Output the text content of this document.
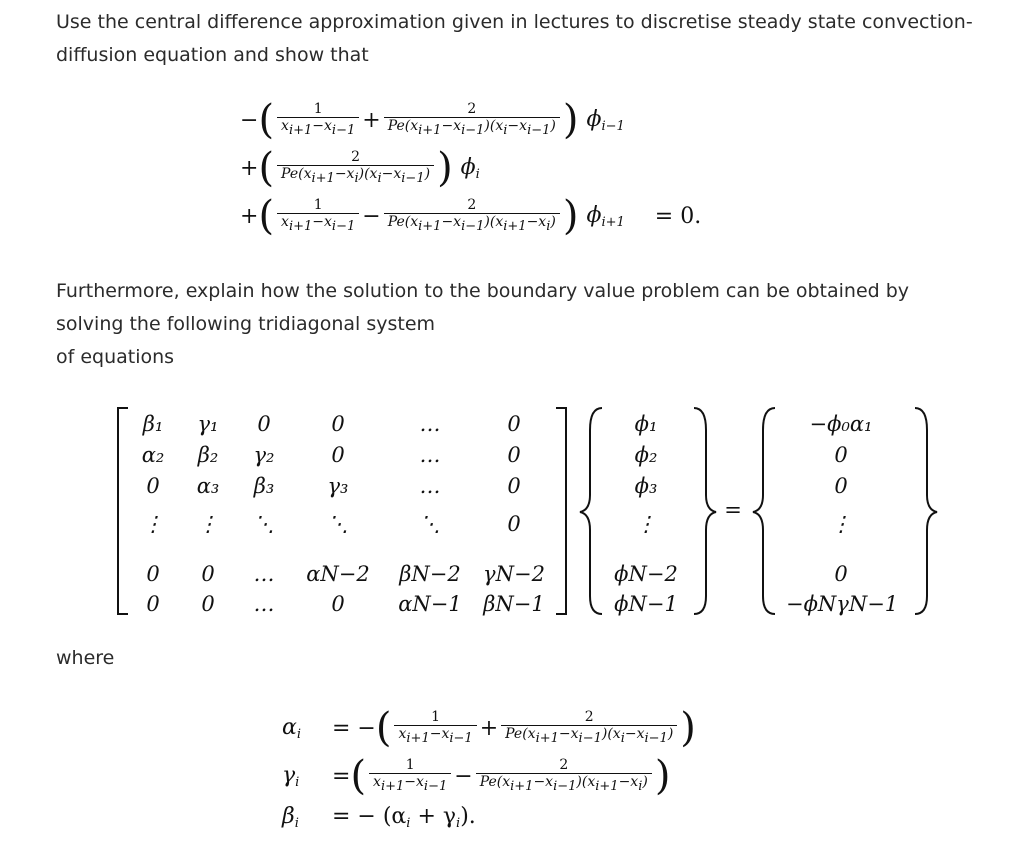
Use the central difference approximation given in lectures to discretise steady state convection-
diffusion equation and show that
− ( $\frac{1}{xi+1-xi-1} + \frac{2}{Pe(xi+1-xi-1)(xi-xi-1)}$ ) $\phi_{i-1}$
+ ( $\frac{2}{Pe(xi+1-xi)(xi-xi-1)}$ ) $\phi_i$
+ ( $\frac{1}{xi+1-xi-1} - \frac{2}{Pe(xi+1-xi-1)(xi+1-xi)}$ ) $\phi_{i+1} = 0$.
Furthermore, explain how the solution to the boundary value problem can be obtained by
solving the following tridiagonal system
of equations
β₁	γ₁	0	0	…	0
α₂	β₂	γ₂	0	…	0
0	α₃	β₃	γ₃	…	0
⋮	⋮	⋱	⋱	⋱	0
0	0	…	αN−2	βN−2	γN−2
0	0	…	0	αN−1	βN−1
ϕ₁
ϕ₂
ϕ₃
⋮
ϕN−2
ϕN−1
−ϕ₀α₁
0
0
⋮
0
−ϕNγN−1
=
where
$\alpha_i$	= − ( $\frac{1}{xi+1-xi-1} + \frac{2}{Pe(xi+1-xi-1)(xi-xi-1)}$ )
$\gamma_i$	= ( $\frac{1}{xi+1-xi-1} - \frac{2}{Pe(xi+1-xi-1)(xi+1-xi)}$ )
$\beta_i$	= − $(\alpha_i + \gamma_i)$.
